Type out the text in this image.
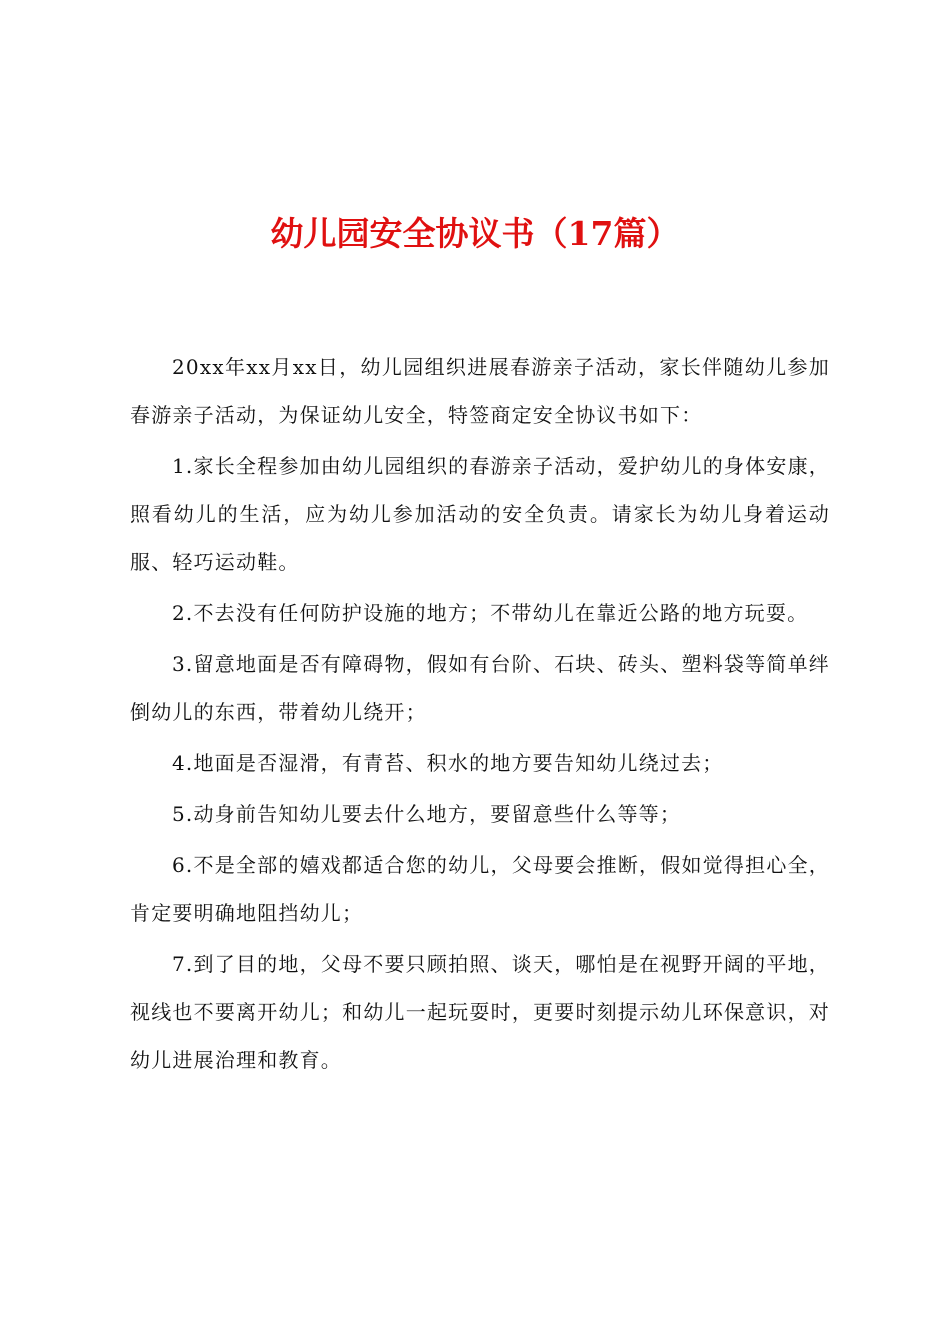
幼儿园安全协议书（17篇）

20xx年xx月xx日，幼儿园组织进展春游亲子活动，家长伴随幼儿参加春游亲子活动，为保证幼儿安全，特签商定安全协议书如下：

1.家长全程参加由幼儿园组织的春游亲子活动，爱护幼儿的身体安康，照看幼儿的生活，应为幼儿参加活动的安全负责。请家长为幼儿身着运动服、轻巧运动鞋。

2.不去没有任何防护设施的地方；不带幼儿在靠近公路的地方玩耍。

3.留意地面是否有障碍物，假如有台阶、石块、砖头、塑料袋等简单绊倒幼儿的东西，带着幼儿绕开；

4.地面是否湿滑，有青苔、积水的地方要告知幼儿绕过去；

5.动身前告知幼儿要去什么地方，要留意些什么等等；

6.不是全部的嬉戏都适合您的幼儿，父母要会推断，假如觉得担心全，肯定要明确地阻挡幼儿；

7.到了目的地，父母不要只顾拍照、谈天，哪怕是在视野开阔的平地，视线也不要离开幼儿；和幼儿一起玩耍时，更要时刻提示幼儿环保意识，对幼儿进展治理和教育。
